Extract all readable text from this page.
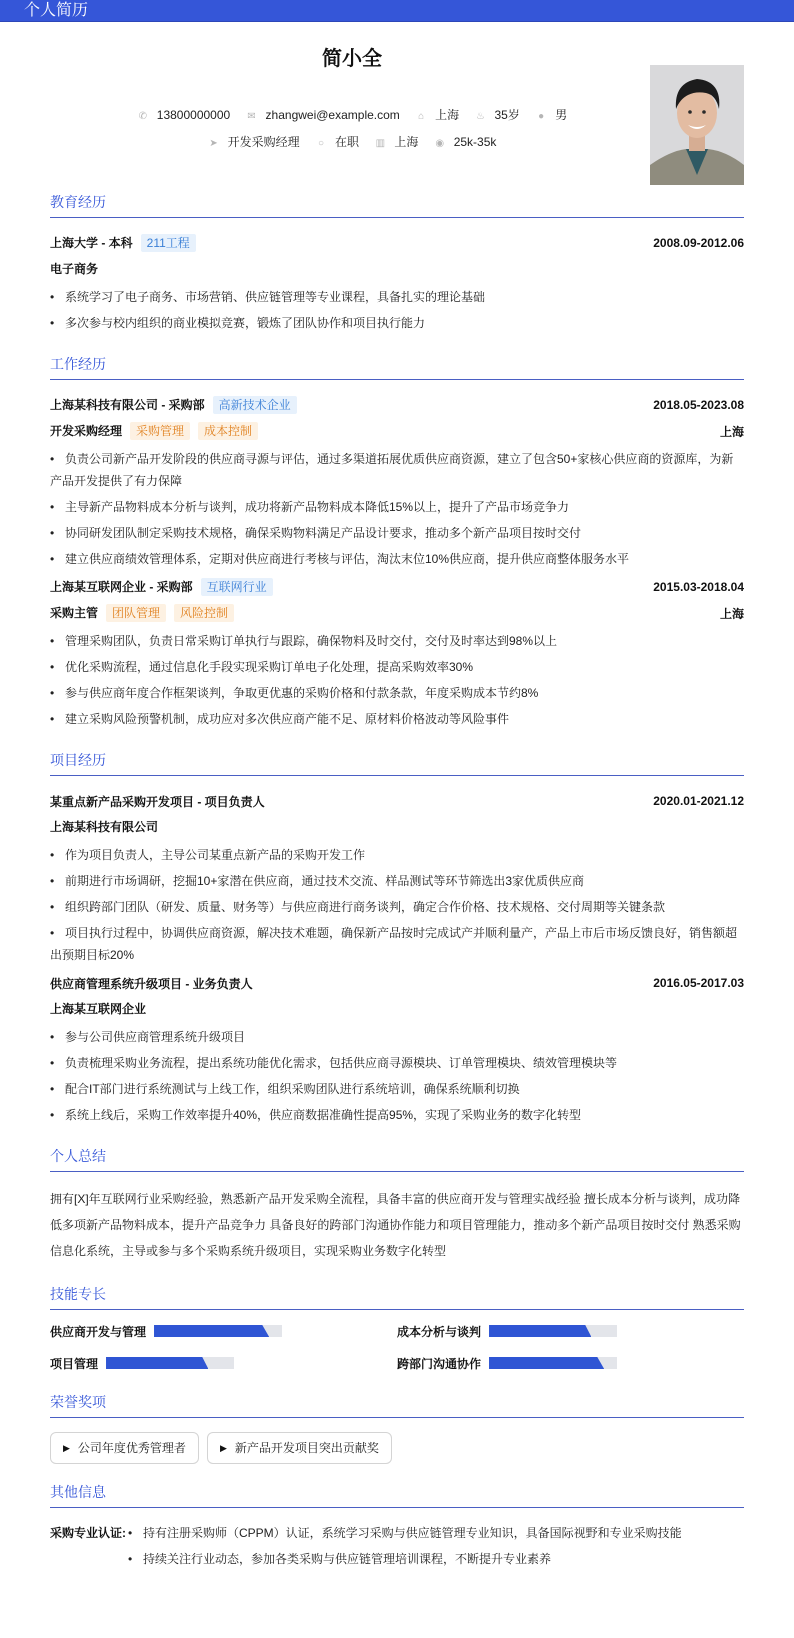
个人简历
简小全
✆ 13800000000 ✉ zhangwei@example.com ⌂ 上海 ♨ 35岁 ● 男
➤ 开发采购经理 ○ 在职 ▥ 上海 ◉ 25k-35k
教育经历
上海大学 - 本科 211工程	2008.09-2012.06
电子商务
• 系统学习了电子商务、市场营销、供应链管理等专业课程，具备扎实的理论基础
• 多次参与校内组织的商业模拟竞赛，锻炼了团队协作和项目执行能力
工作经历
上海某科技有限公司 - 采购部 高新技术企业	2018.05-2023.08
开发采购经理 采购管理 成本控制	上海
• 负责公司新产品开发阶段的供应商寻源与评估，通过多渠道拓展优质供应商资源，建立了包含50+家核心供应商的资源库，为新产品开发提供了有力保障
• 主导新产品物料成本分析与谈判，成功将新产品物料成本降低15%以上，提升了产品市场竞争力
• 协同研发团队制定采购技术规格，确保采购物料满足产品设计要求，推动多个新产品项目按时交付
• 建立供应商绩效管理体系，定期对供应商进行考核与评估，淘汰末位10%供应商，提升供应商整体服务水平
上海某互联网企业 - 采购部 互联网行业	2015.03-2018.04
采购主管 团队管理 风险控制	上海
• 管理采购团队，负责日常采购订单执行与跟踪，确保物料及时交付，交付及时率达到98%以上
• 优化采购流程，通过信息化手段实现采购订单电子化处理，提高采购效率30%
• 参与供应商年度合作框架谈判，争取更优惠的采购价格和付款条款，年度采购成本节约8%
• 建立采购风险预警机制，成功应对多次供应商产能不足、原材料价格波动等风险事件
项目经历
某重点新产品采购开发项目 - 项目负责人	2020.01-2021.12
上海某科技有限公司
• 作为项目负责人，主导公司某重点新产品的采购开发工作
• 前期进行市场调研，挖掘10+家潜在供应商，通过技术交流、样品测试等环节筛选出3家优质供应商
• 组织跨部门团队（研发、质量、财务等）与供应商进行商务谈判，确定合作价格、技术规格、交付周期等关键条款
• 项目执行过程中，协调供应商资源，解决技术难题，确保新产品按时完成试产并顺利量产，产品上市后市场反馈良好，销售额超出预期目标20%
供应商管理系统升级项目 - 业务负责人	2016.05-2017.03
上海某互联网企业
• 参与公司供应商管理系统升级项目
• 负责梳理采购业务流程，提出系统功能优化需求，包括供应商寻源模块、订单管理模块、绩效管理模块等
• 配合IT部门进行系统测试与上线工作，组织采购团队进行系统培训，确保系统顺利切换
• 系统上线后，采购工作效率提升40%，供应商数据准确性提高95%，实现了采购业务的数字化转型
个人总结
拥有[X]年互联网行业采购经验，熟悉新产品开发采购全流程，具备丰富的供应商开发与管理实战经验 擅长成本分析与谈判，成功降低多项新产品物料成本，提升产品竞争力 具备良好的跨部门沟通协作能力和项目管理能力，推动多个新产品项目按时交付 熟悉采购信息化系统，主导或参与多个采购系统升级项目，实现采购业务数字化转型
技能专长
供应商开发与管理	成本分析与谈判
项目管理	跨部门沟通协作
荣誉奖项
▶ 公司年度优秀管理者	▶ 新产品开发项目突出贡献奖
其他信息
采购专业认证:	• 持有注册采购师（CPPM）认证，系统学习采购与供应链管理专业知识，具备国际视野和专业采购技能
• 持续关注行业动态，参加各类采购与供应链管理培训课程，不断提升专业素养
